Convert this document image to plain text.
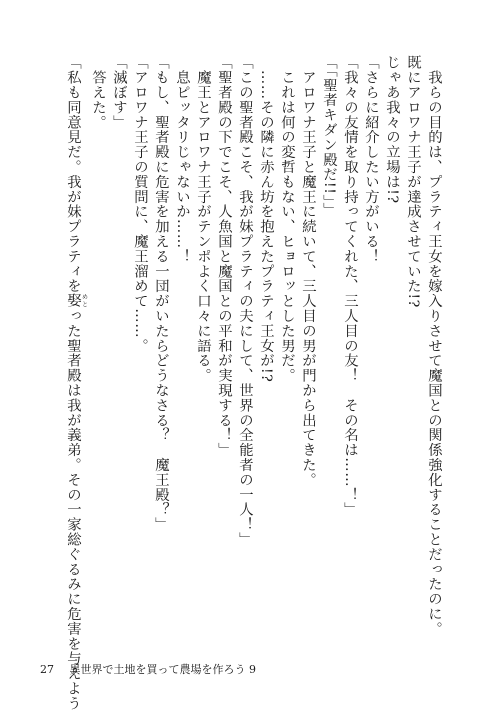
　我らの目的は、プラティ王女を嫁入りさせて魔国との関係強化することだったのに。
既にアロワナ王子が達成させていた!?
じゃあ我々の立場は!?
「さらに紹介したい方がいる！
「我々の友情を取り持ってくれた、三人目の友！　その名は……！」
「「聖者キダン殿だ!!」」
　アロワナ王子と魔王に続いて、三人目の男が門から出てきた。
　これは何の変哲もない、ヒョロッとした男だ。
　……その隣に赤ん坊を抱えたプラティ王女が!?
「この聖者殿こそ、我が妹プラティの夫にして、世界の全能者の一人！」
「聖者殿の下でこそ、人魚国と魔国との平和が実現する！」
　魔王とアロワナ王子がテンポよく口々に語る。
　息ピッタリじゃないか……！
「もし、聖者殿に危害を加える一団がいたらどうなさる？　魔王殿？」
「アロワナ王子の質問に、魔王溜めて……。
「滅ぼす」
　答えた。
「私も同意見だ。我が妹プラティを娶 めとった聖者殿は我が義弟。その一家総ぐるみに危害を与えよう
27 異世界で土地を買って農場を作ろう 9
